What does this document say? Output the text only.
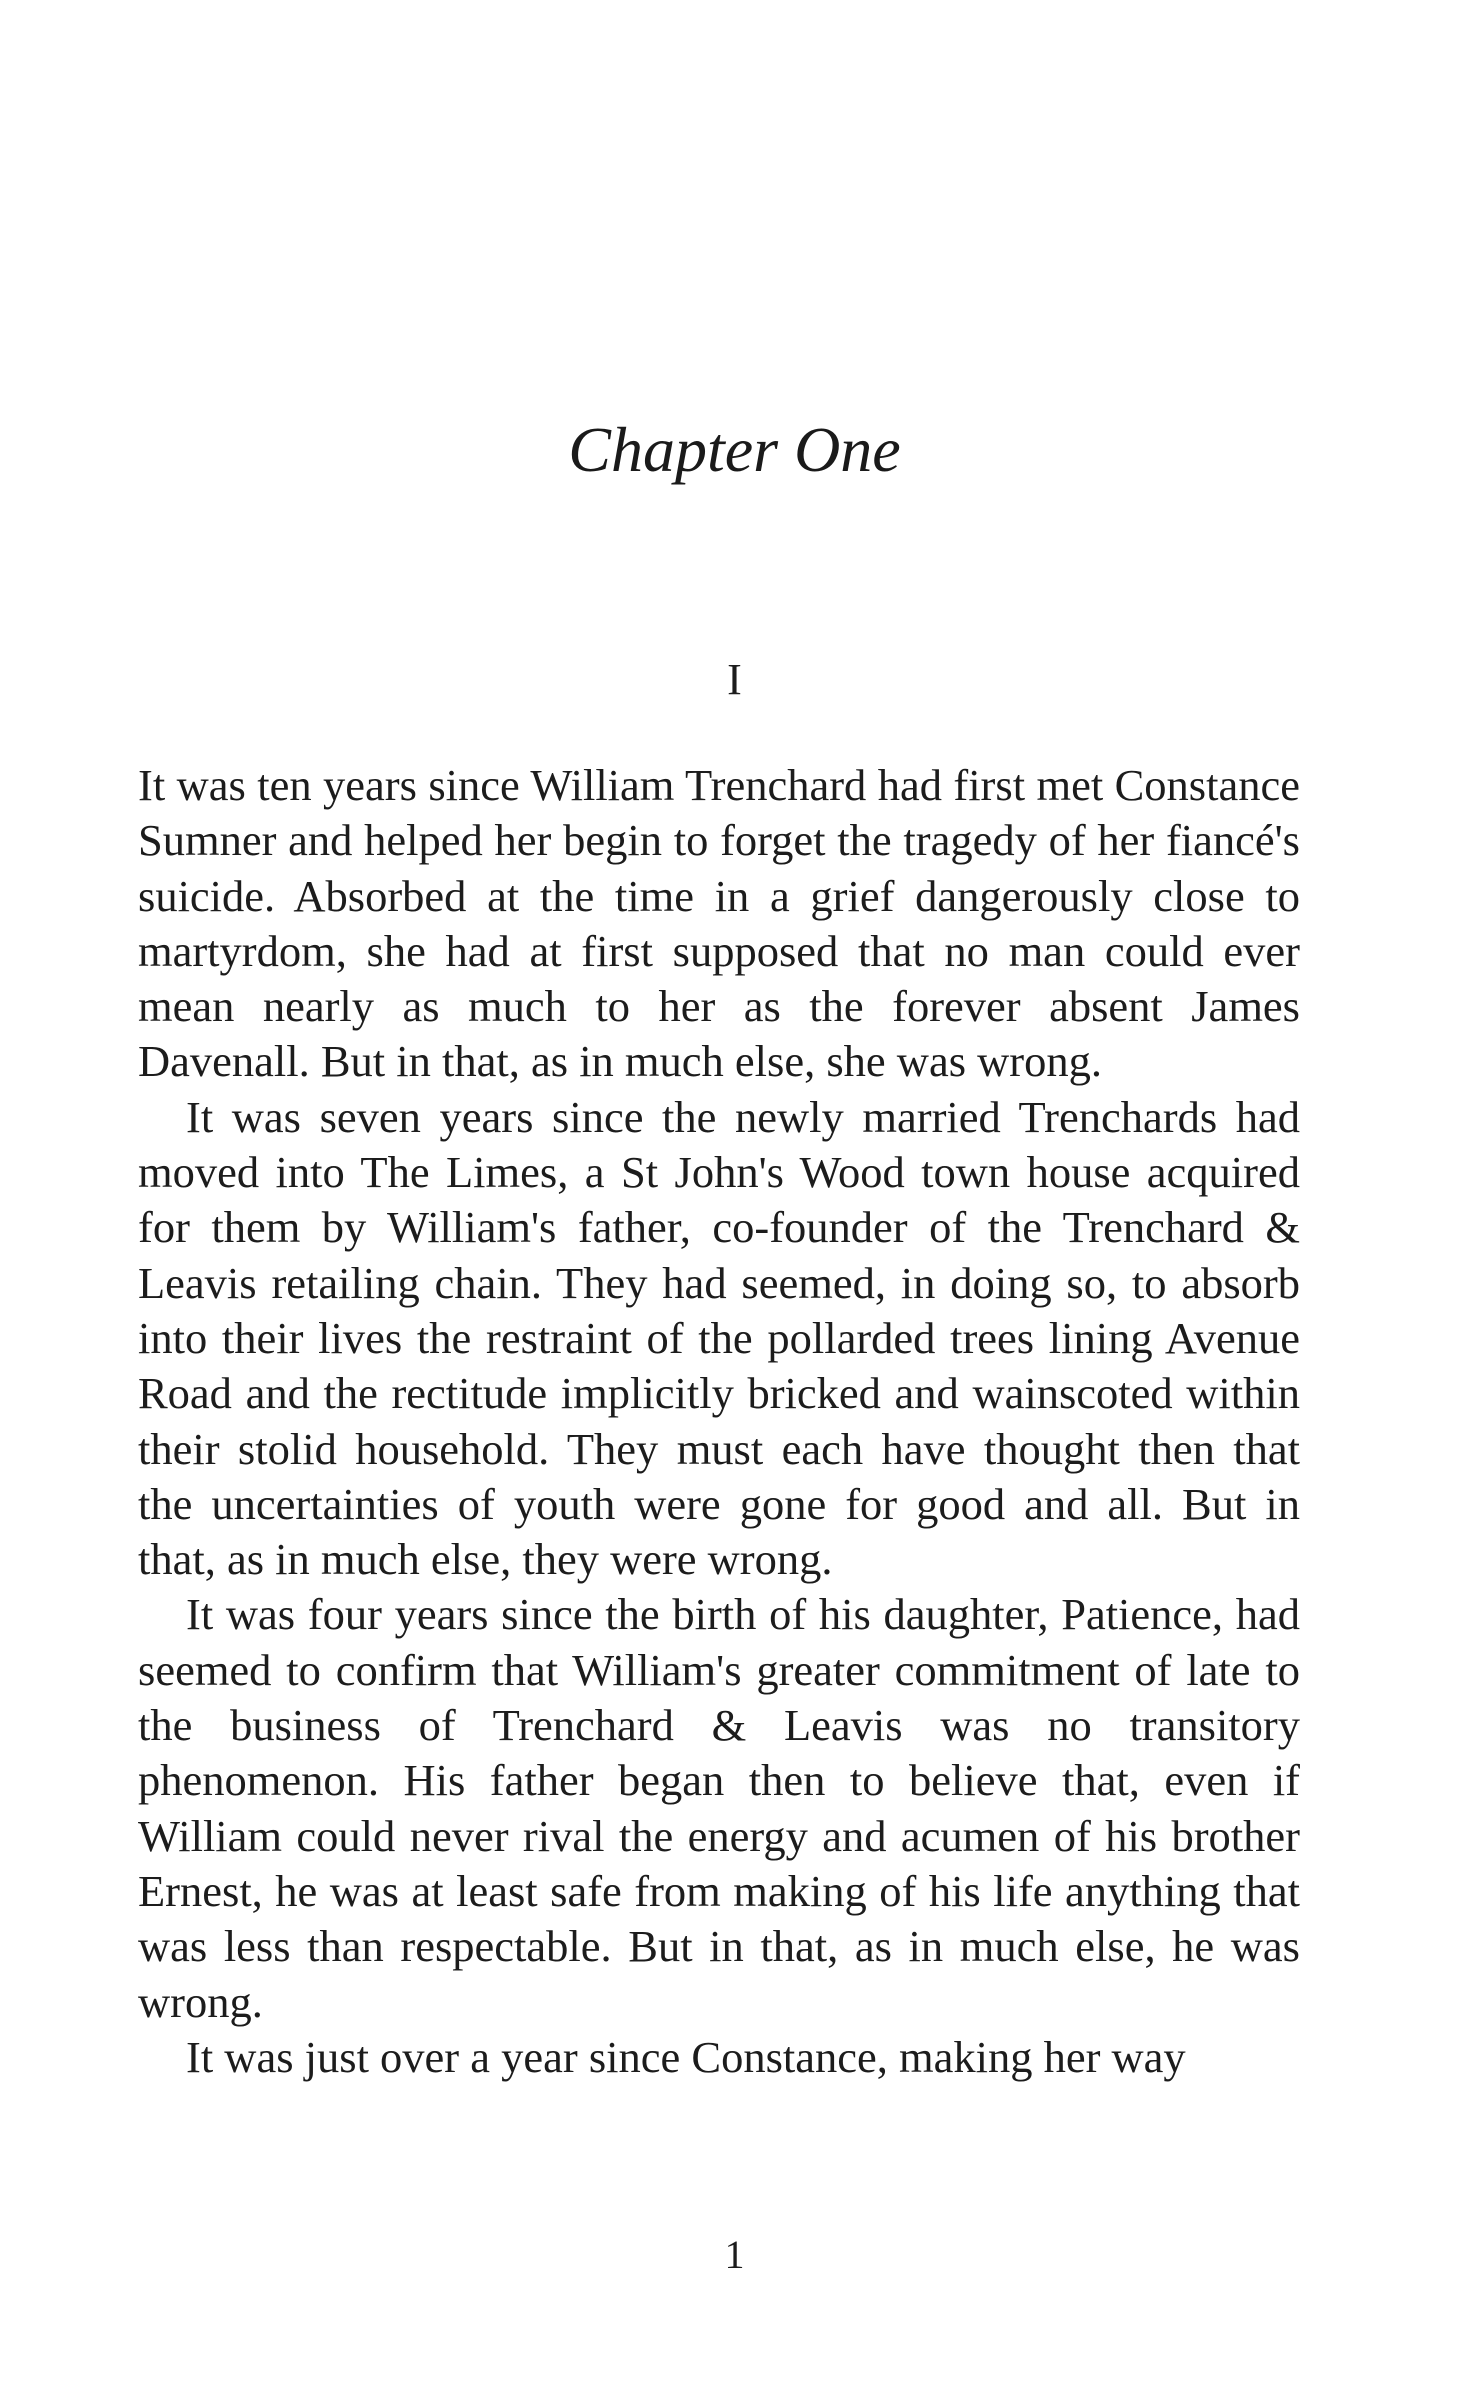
Chapter One
I

It was ten years since William Trenchard had first met Constance Sumner and helped her begin to forget the tragedy of her fiancé's suicide. Absorbed at the time in a grief dangerously close to martyrdom, she had at first supposed that no man could ever mean nearly as much to her as the forever absent James Davenall. But in that, as in much else, she was wrong.

It was seven years since the newly married Trenchards had moved into The Limes, a St John's Wood town house acquired for them by William's father, co-founder of the Trenchard & Leavis retailing chain. They had seemed, in doing so, to absorb into their lives the restraint of the pollarded trees lining Avenue Road and the rectitude implicitly bricked and wainscoted within their stolid household. They must each have thought then that the uncertainties of youth were gone for good and all. But in that, as in much else, they were wrong.

It was four years since the birth of his daughter, Patience, had seemed to confirm that William's greater commitment of late to the business of Trenchard & Leavis was no transitory phenomenon. His father began then to believe that, even if William could never rival the energy and acumen of his brother Ernest, he was at least safe from making of his life anything that was less than respectable. But in that, as in much else, he was wrong.

It was just over a year since Constance, making her way

1
